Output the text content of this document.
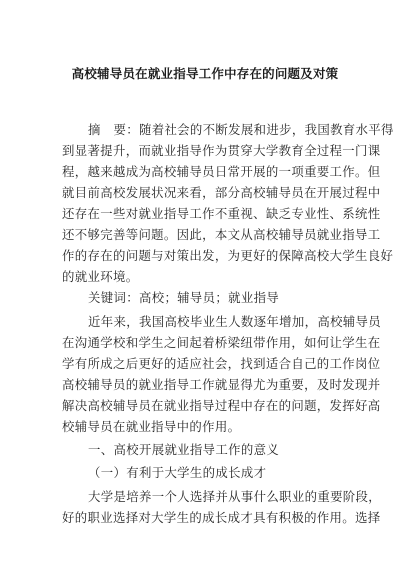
高校辅导员在就业指导工作中存在的问题及对策
摘　要：随着社会的不断发展和进步，我国教育水平得
到显著提升，而就业指导作为贯穿大学教育全过程一门课
程，越来越成为高校辅导员日常开展的一项重要工作。但
就目前高校发展状况来看，部分高校辅导员在开展过程中
还存在一些对就业指导工作不重视、缺乏专业性、系统性
还不够完善等问题。因此，本文从高校辅导员就业指导工
作的存在的问题与对策出发，为更好的保障高校大学生良好
的就业环境。
关键词：高校；辅导员；就业指导
近年来，我国高校毕业生人数逐年增加，高校辅导员
在沟通学校和学生之间起着桥梁纽带作用，如何让学生在
学有所成之后更好的适应社会，找到适合自己的工作岗位
高校辅导员的就业指导工作就显得尤为重要，及时发现并
解决高校辅导员在就业指导过程中存在的问题，发挥好高
校辅导员在就业指导中的作用。
一、高校开展就业指导工作的意义
（一）有利于大学生的成长成才
大学是培养一个人选择并从事什么职业的重要阶段，
好的职业选择对大学生的成长成才具有积极的作用。选择
